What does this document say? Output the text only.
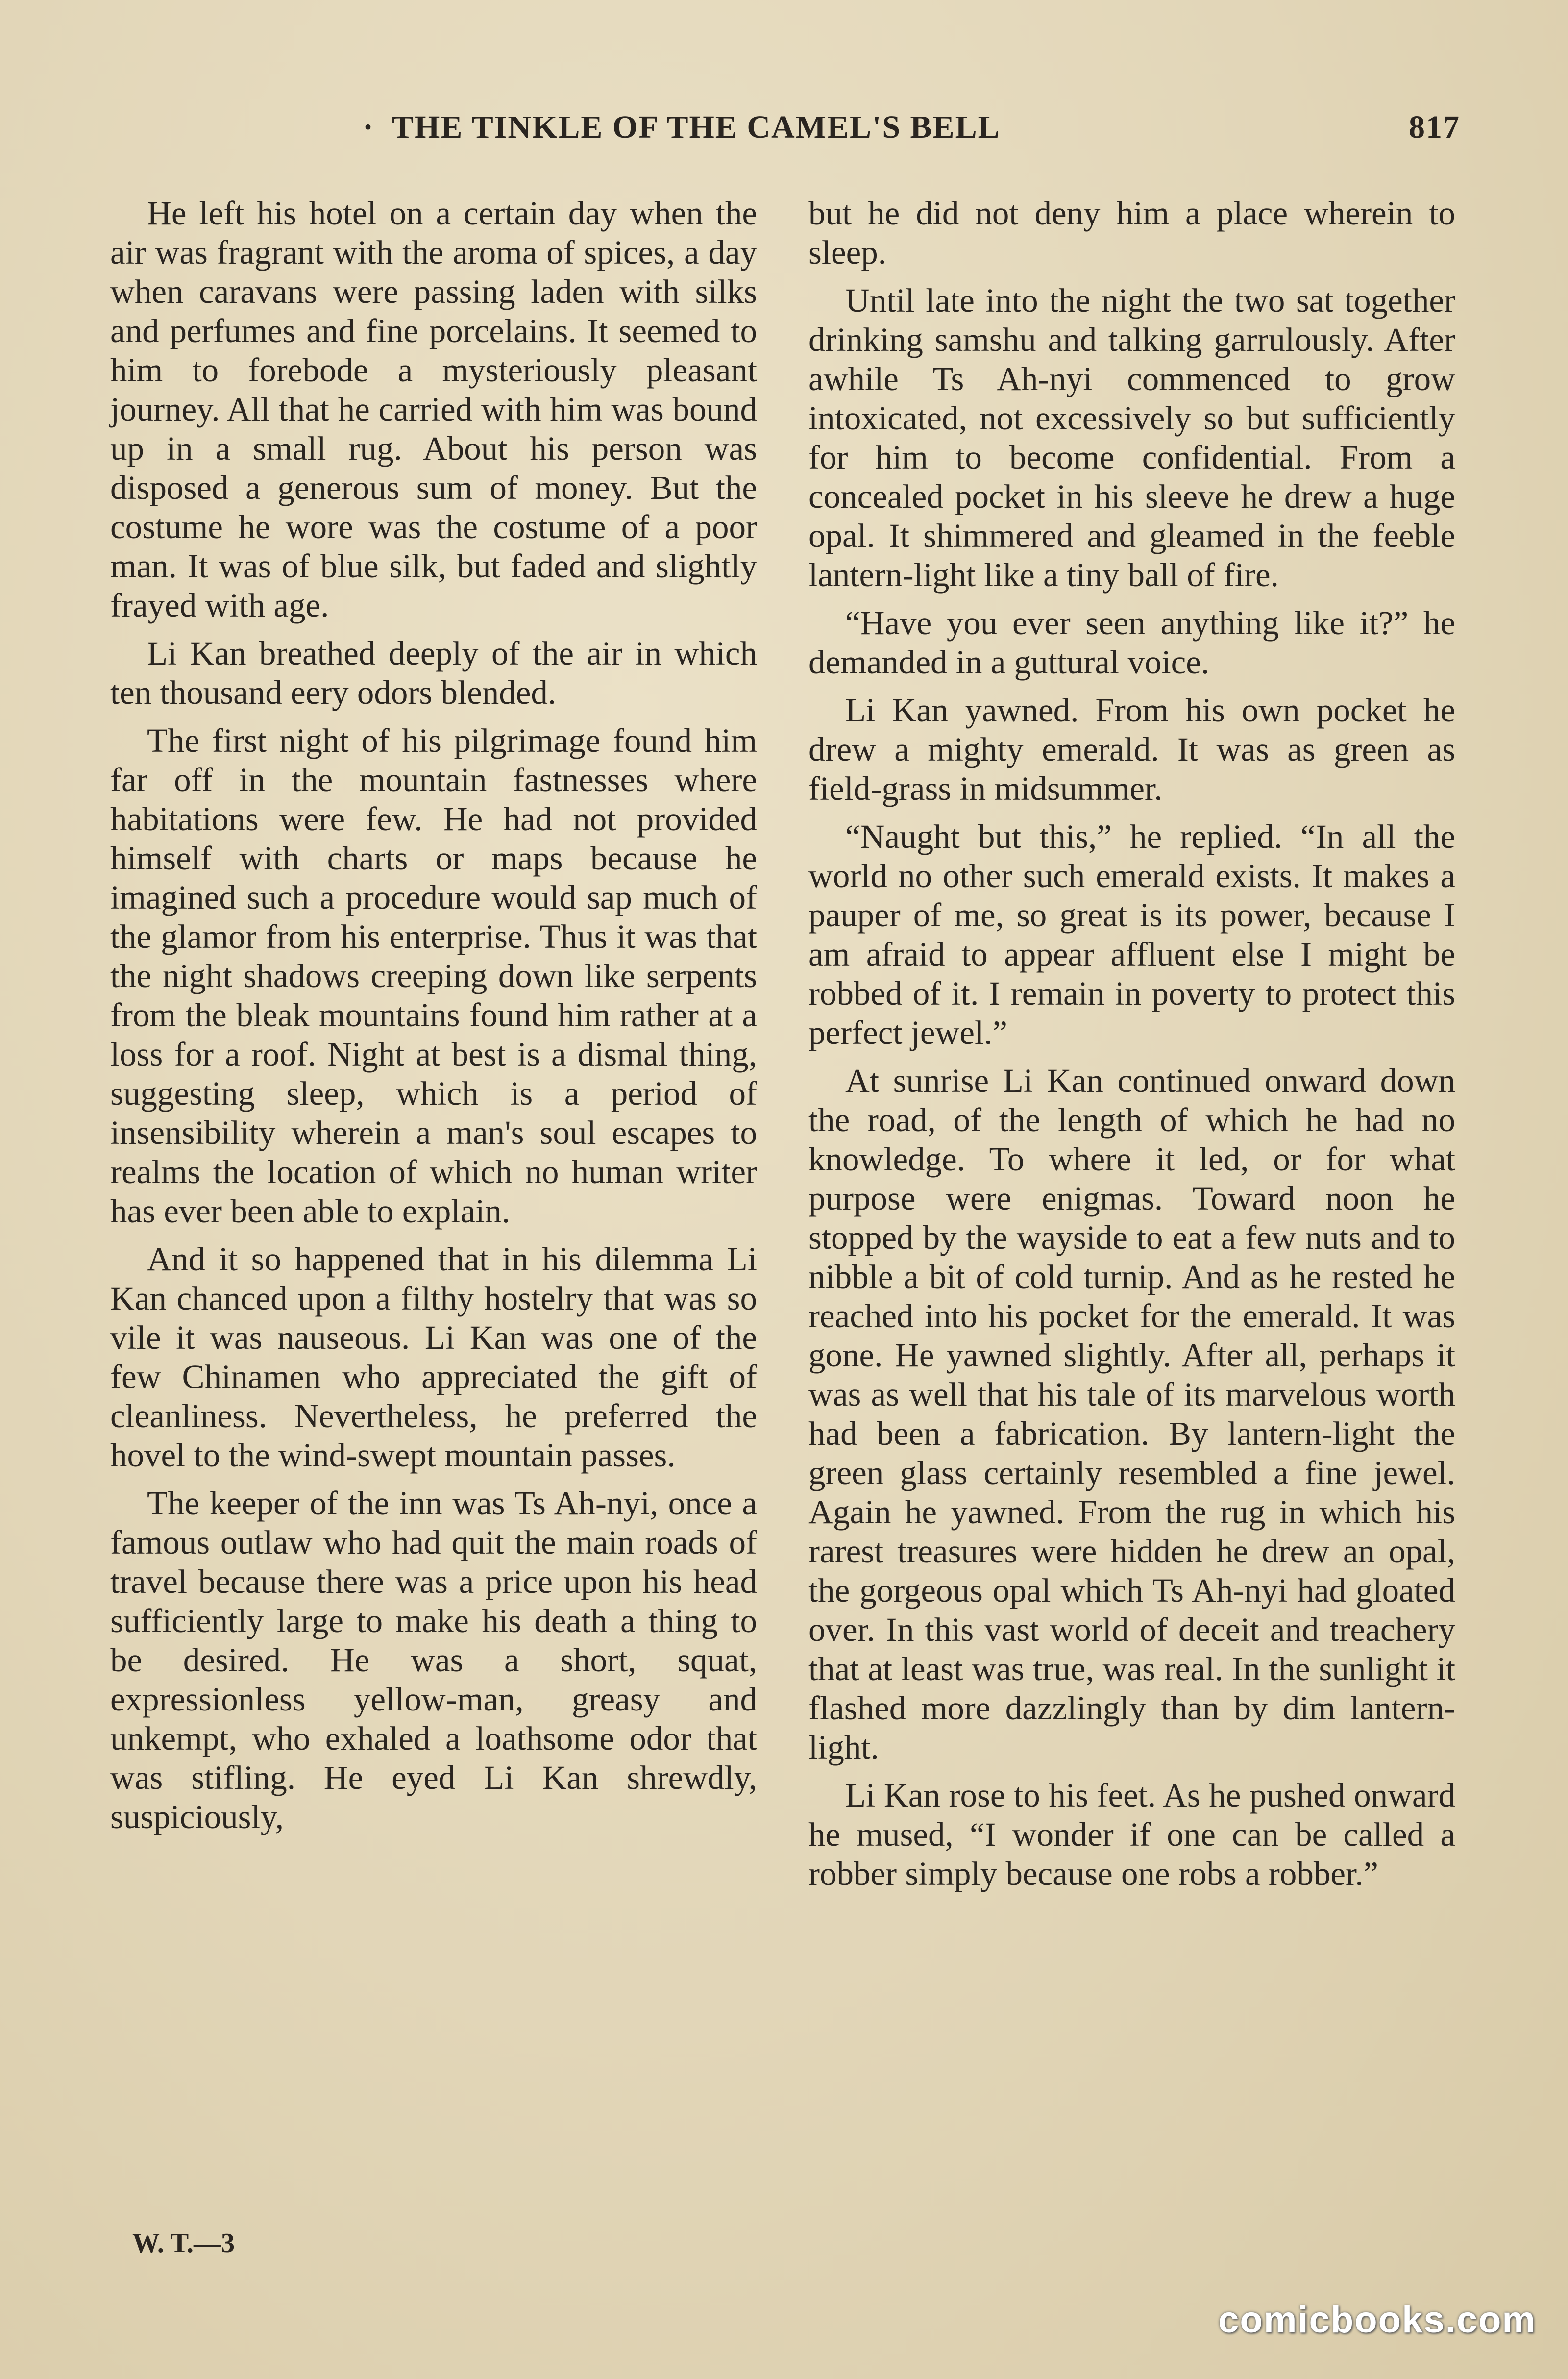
· THE TINKLE OF THE CAMEL'S BELL	817

He left his hotel on a certain day when the air was fragrant with the aroma of spices, a day when caravans were passing laden with silks and perfumes and fine porcelains. It seemed to him to forebode a mysteriously pleasant journey. All that he carried with him was bound up in a small rug. About his person was disposed a generous sum of money. But the costume he wore was the costume of a poor man. It was of blue silk, but faded and slightly frayed with age.

Li Kan breathed deeply of the air in which ten thousand eery odors blended.

The first night of his pilgrimage found him far off in the mountain fastnesses where habitations were few. He had not provided himself with charts or maps because he imagined such a procedure would sap much of the glamor from his enterprise. Thus it was that the night shadows creeping down like serpents from the bleak mountains found him rather at a loss for a roof. Night at best is a dismal thing, suggesting sleep, which is a period of insensibility wherein a man's soul escapes to realms the location of which no human writer has ever been able to explain.

And it so happened that in his dilemma Li Kan chanced upon a filthy hostelry that was so vile it was nauseous. Li Kan was one of the few Chinamen who appreciated the gift of cleanliness. Nevertheless, he preferred the hovel to the wind-swept mountain passes.

The keeper of the inn was Ts Ah-nyi, once a famous outlaw who had quit the main roads of travel because there was a price upon his head sufficiently large to make his death a thing to be desired. He was a short, squat, expressionless yellow-man, greasy and unkempt, who exhaled a loathsome odor that was stifling. He eyed Li Kan shrewdly, suspiciously,

but he did not deny him a place wherein to sleep.

Until late into the night the two sat together drinking samshu and talking garrulously. After awhile Ts Ah-nyi commenced to grow intoxicated, not excessively so but sufficiently for him to become confidential. From a concealed pocket in his sleeve he drew a huge opal. It shimmered and gleamed in the feeble lantern-light like a tiny ball of fire.

“Have you ever seen anything like it?” he demanded in a guttural voice.

Li Kan yawned. From his own pocket he drew a mighty emerald. It was as green as field-grass in midsummer.

“Naught but this,” he replied. “In all the world no other such emerald exists. It makes a pauper of me, so great is its power, because I am afraid to appear affluent else I might be robbed of it. I remain in poverty to protect this perfect jewel.”

At sunrise Li Kan continued onward down the road, of the length of which he had no knowledge. To where it led, or for what purpose were enigmas. Toward noon he stopped by the wayside to eat a few nuts and to nibble a bit of cold turnip. And as he rested he reached into his pocket for the emerald. It was gone. He yawned slightly. After all, perhaps it was as well that his tale of its marvelous worth had been a fabrication. By lantern-light the green glass certainly resembled a fine jewel. Again he yawned. From the rug in which his rarest treasures were hidden he drew an opal, the gorgeous opal which Ts Ah-nyi had gloated over. In this vast world of deceit and treachery that at least was true, was real. In the sunlight it flashed more dazzlingly than by dim lantern-light.

Li Kan rose to his feet. As he pushed onward he mused, “I wonder if one can be called a robber simply because one robs a robber.”

W. T.—3
comicbooks.com
